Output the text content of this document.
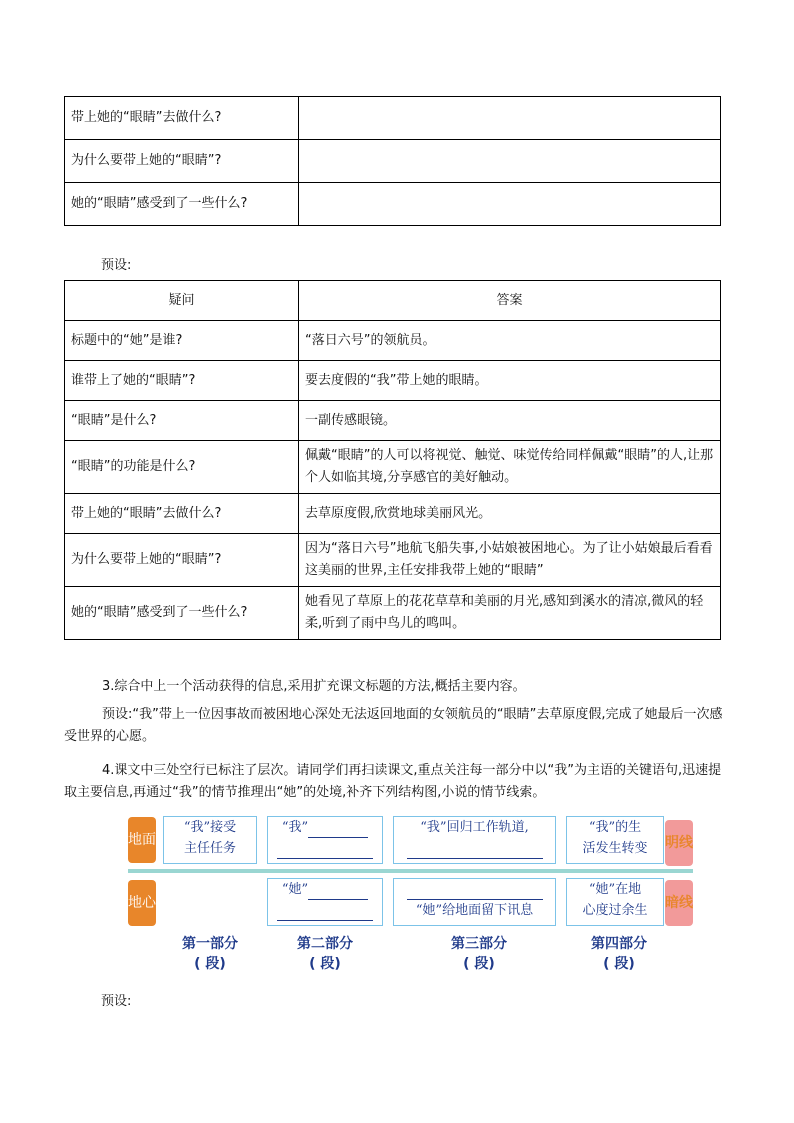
带上她的“眼睛”去做什么?	
为什么要带上她的“眼睛”?	
她的“眼睛”感受到了一些什么?	
预设:
疑问	答案
标题中的“她”是谁?	“落日六号”的领航员。
谁带上了她的“眼睛”?	要去度假的“我”带上她的眼睛。
“眼睛”是什么?	一副传感眼镜。
“眼睛”的功能是什么?	佩戴“眼睛”的人可以将视觉、触觉、味觉传给同样佩戴“眼睛”的人,让那个人如临其境,分享感官的美好触动。
带上她的“眼睛”去做什么?	去草原度假,欣赏地球美丽风光。
为什么要带上她的“眼睛”?	因为“落日六号”地航飞船失事,小姑娘被困地心。为了让小姑娘最后看看这美丽的世界,主任安排我带上她的“眼睛”
她的“眼睛”感受到了一些什么?	她看见了草原上的花花草草和美丽的月光,感知到溪水的清凉,微风的轻柔,听到了雨中鸟儿的鸣叫。
3.综合中上一个活动获得的信息,采用扩充课文标题的方法,概括主要内容。
预设:“我”带上一位因事故而被困地心深处无法返回地面的女领航员的“眼睛”去草原度假,完成了她最后一次感受世界的心愿。
4.课文中三处空行已标注了层次。请同学们再扫读课文,重点关注每一部分中以“我”为主语的关键语句,迅速提取主要信息,再通过“我”的情节推理出“她”的处境,补齐下列结构图,小说的情节线索。
地面
地心
明线
暗线
“我”接受
主任任务
“我”	“我”回归工作轨道,	“我”的生
活发生转变
“她”
“她”给地面留下讯息
“她”在地
心度过余生
第一部分
( 段)
第二部分
( 段)
第三部分
( 段)
第四部分
( 段)
预设:
